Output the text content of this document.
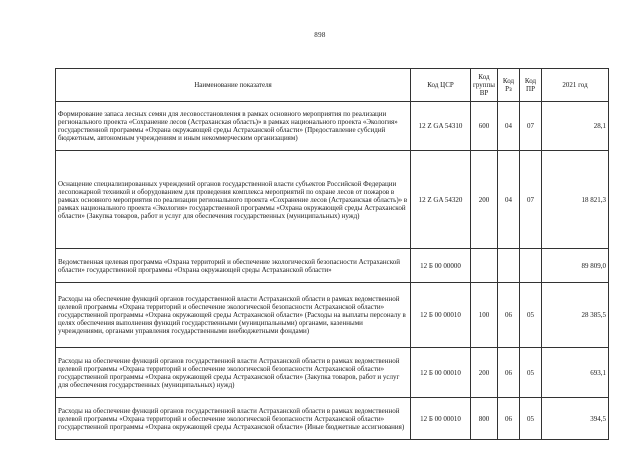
898
Наименование показателя	Код ЦСР	Код группы ВР	Код Рз	Код ПР	2021 год
Формирование запаса лесных семян для лесовосстановления в рамках основного мероприятия по реализации регионального проекта «Сохранение лесов (Астраханская область)» в рамках национального проекта «Экология» государственной программы «Охрана окружающей среды Астраханской области» (Предоставление субсидий бюджетным, автономным учреждениям и иным некоммерческим организациям)	12 Z GA 54310	600	04	07	28,1
Оснащение специализированных учреждений органов государственной власти субъектов Российской Федерации лесопожарной техникой и оборудованием для проведения комплекса мероприятий по охране лесов от пожаров в рамках основного мероприятия по реализации регионального проекта «Сохранение лесов (Астраханская область)» в рамках национального проекта «Экология» государственной программы «Охрана окружающей среды Астраханской области» (Закупка товаров, работ и услуг для обеспечения государственных (муниципальных) нужд)	12 Z GA 54320	200	04	07	18 821,3
Ведомственная целевая программа «Охрана территорий и обеспечение экологической безопасности Астраханской области» государственной программы «Охрана окружающей среды Астраханской области»	12 Б 00 00000				89 809,0
Расходы на обеспечение функций органов государственной власти Астраханской области в рамках ведомственной целевой программы «Охрана территорий и обеспечение экологической безопасности Астраханской области» государственной программы «Охрана окружающей среды Астраханской области» (Расходы на выплаты персоналу в целях обеспечения выполнения функций государственными (муниципальными) органами, казенными учреждениями, органами управления государственными внебюджетными фондами)	12 Б 00 00010	100	06	05	28 385,5
Расходы на обеспечение функций органов государственной власти Астраханской области в рамках ведомственной целевой программы «Охрана территорий и обеспечение экологической безопасности Астраханской области» государственной программы «Охрана окружающей среды Астраханской области» (Закупка товаров, работ и услуг для обеспечения государственных (муниципальных) нужд)	12 Б 00 00010	200	06	05	693,1
Расходы на обеспечение функций органов государственной власти Астраханской области в рамках ведомственной целевой программы «Охрана территорий и обеспечение экологической безопасности Астраханской области» государственной программы «Охрана окружающей среды Астраханской области» (Иные бюджетные ассигнования)	12 Б 00 00010	800	06	05	394,5
